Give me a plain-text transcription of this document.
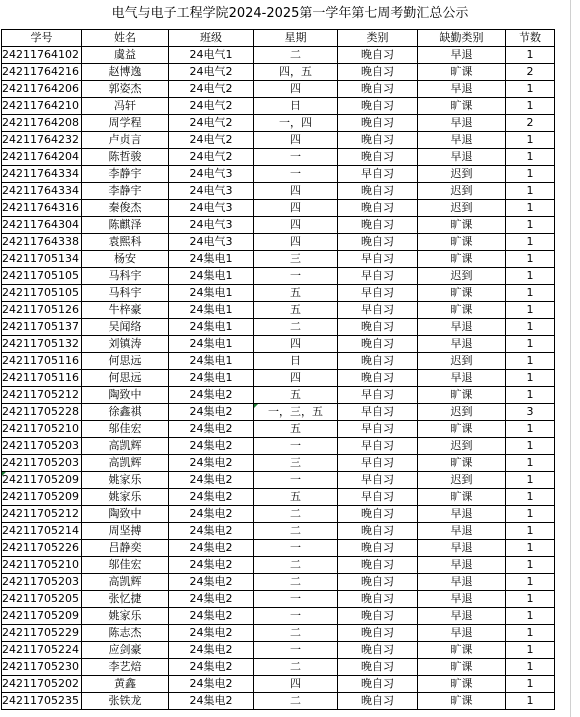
电气与电子工程学院2024-2025第一学年第七周考勤汇总公示
学号	姓名	班级	星期	类别	缺勤类别	节数
24211764102	虞益	24电气1	二	晚自习	早退	1
24211764216	赵博逸	24电气2	四，五	晚自习	旷课	2
24211764206	郭姿杰	24电气2	四	晚自习	早退	1
24211764210	冯轩	24电气2	日	晚自习	旷课	1
24211764208	周学程	24电气2	一，四	晚自习	早退	2
24211764232	卢贞言	24电气2	四	晚自习	早退	1
24211764204	陈哲骏	24电气2	一	晚自习	早退	1
24211764334	李静宇	24电气3	一	早自习	迟到	1
24211764334	李静宇	24电气3	四	晚自习	迟到	1
24211764316	秦俊杰	24电气3	四	晚自习	迟到	1
24211764304	陈麒泽	24电气3	四	晚自习	旷课	1
24211764338	袁熙科	24电气3	四	晚自习	旷课	1
24211705134	杨安	24集电1	三	早自习	旷课	1
24211705105	马科宇	24集电1	一	早自习	迟到	1
24211705105	马科宇	24集电1	五	早自习	旷课	1
24211705126	牛梓豪	24集电1	五	早自习	旷课	1
24211705137	吴闻络	24集电1	二	晚自习	早退	1
24211705132	刘镇涛	24集电1	四	晚自习	早退	1
24211705116	何思远	24集电1	日	晚自习	迟到	1
24211705116	何思远	24集电1	四	晚自习	早退	1
24211705212	陶致中	24集电2	五	早自习	旷课	1
24211705228	徐鑫祺	24集电2	一，三，五	早自习	迟到	3
24211705210	邬佳宏	24集电2	五	早自习	旷课	1
24211705203	高凯辉	24集电2	一	早自习	迟到	1
24211705203	高凯辉	24集电2	三	早自习	旷课	1
24211705209	姚家乐	24集电2	一	早自习	迟到	1
24211705209	姚家乐	24集电2	五	早自习	旷课	1
24211705212	陶致中	24集电2	二	晚自习	早退	1
24211705214	周坚搏	24集电2	二	晚自习	早退	1
24211705226	吕静奕	24集电2	一	晚自习	早退	1
24211705210	邬佳宏	24集电2	二	晚自习	早退	1
24211705203	高凯辉	24集电2	二	晚自习	早退	1
24211705205	张忆捷	24集电2	一	晚自习	早退	1
24211705209	姚家乐	24集电2	一	晚自习	早退	1
24211705229	陈志杰	24集电2	二	晚自习	早退	1
24211705224	应剑豪	24集电2	一	晚自习	旷课	1
24211705230	李艺焙	24集电2	二	晚自习	旷课	1
24211705202	黄鑫	24集电2	四	晚自习	旷课	1
24211705235	张铁龙	24集电2	二	晚自习	旷课	1
